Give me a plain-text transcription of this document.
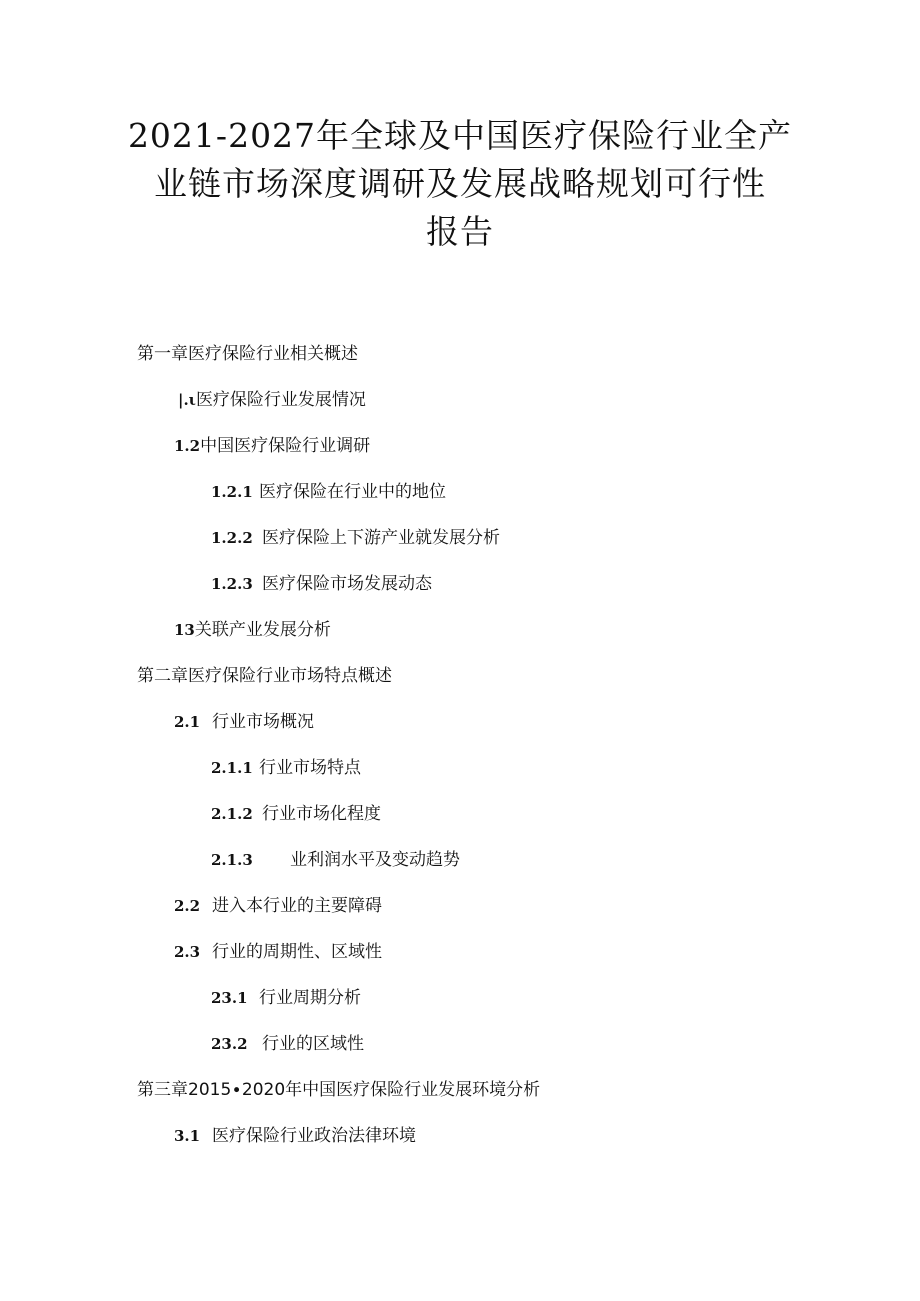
2021-2027年全球及中国医疗保险行业全产
业链市场深度调研及发展战略规划可行性
报告
第一章医疗保险行业相关概述
|.ι医疗保险行业发展情况
1.2中国医疗保险行业调研
1.2.1 医疗保险在行业中的地位
1.2.2 医疗保险上下游产业就发展分析
1.2.3 医疗保险市场发展动态
13关联产业发展分析
第二章医疗保险行业市场特点概述
2.1 行业市场概况
2.1.1 行业市场特点
2.1.2 行业市场化程度
2.1.3 业利润水平及变动趋势
2.2 进入本行业的主要障碍
2.3 行业的周期性、区域性
23.1 行业周期分析
23.2 行业的区域性
第三章2015∙2020年中国医疗保险行业发展环境分析
3.1 医疗保险行业政治法律环境
